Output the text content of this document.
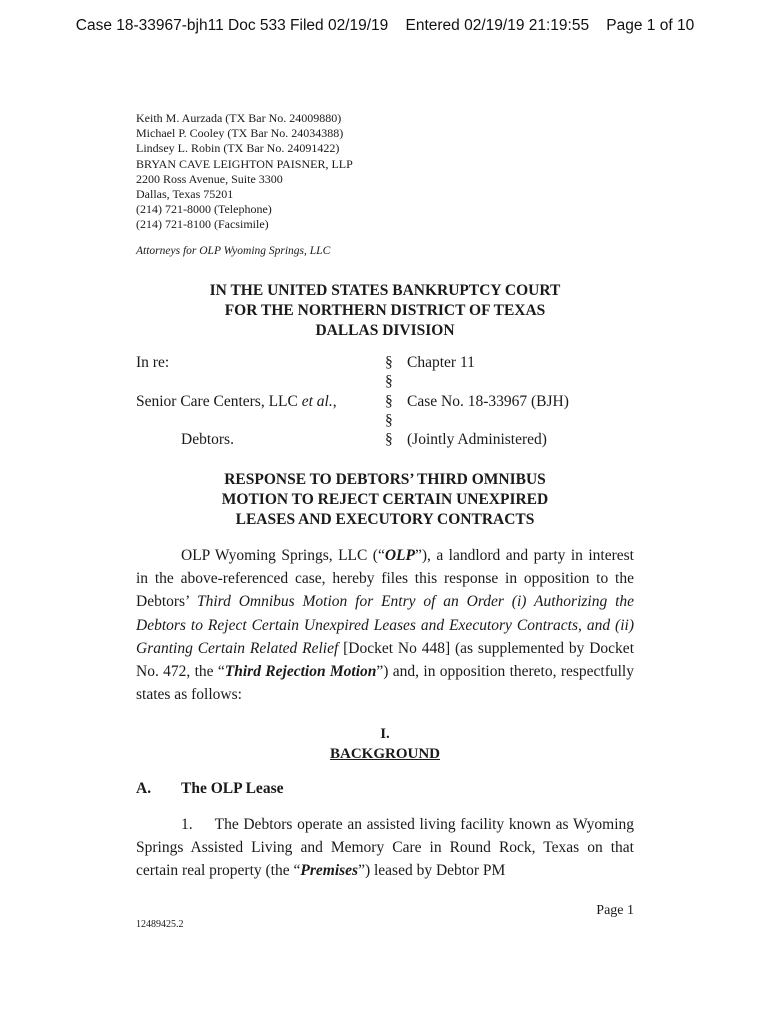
Case 18-33967-bjh11 Doc 533 Filed 02/19/19    Entered 02/19/19 21:19:55    Page 1 of 10
Keith M. Aurzada (TX Bar No. 24009880)
Michael P. Cooley (TX Bar No. 24034388)
Lindsey L. Robin (TX Bar No. 24091422)
BRYAN CAVE LEIGHTON PAISNER, LLP
2200 Ross Avenue, Suite 3300
Dallas, Texas 75201
(214) 721-8000 (Telephone)
(214) 721-8100 (Facsimile)
Attorneys for OLP Wyoming Springs, LLC
IN THE UNITED STATES BANKRUPTCY COURT
FOR THE NORTHERN DISTRICT OF TEXAS
DALLAS DIVISION
In re:
Senior Care Centers, LLC et al.,
Debtors.
§
§
§
§
§
Chapter 11
Case No. 18-33967 (BJH)
(Jointly Administered)
RESPONSE TO DEBTORS’ THIRD OMNIBUS
MOTION TO REJECT CERTAIN UNEXPIRED
LEASES AND EXECUTORY CONTRACTS
OLP Wyoming Springs, LLC (“OLP”), a landlord and party in interest in the above-referenced case, hereby files this response in opposition to the Debtors’ Third Omnibus Motion for Entry of an Order (i) Authorizing the Debtors to Reject Certain Unexpired Leases and Executory Contracts, and (ii) Granting Certain Related Relief [Docket No 448] (as supplemented by Docket No. 472, the “Third Rejection Motion”) and, in opposition thereto, respectfully states as follows:
I.
BACKGROUND
A. The OLP Lease
1. The Debtors operate an assisted living facility known as Wyoming Springs Assisted Living and Memory Care in Round Rock, Texas on that certain real property (the “Premises”) leased by Debtor PM
Page 1
12489425.2
